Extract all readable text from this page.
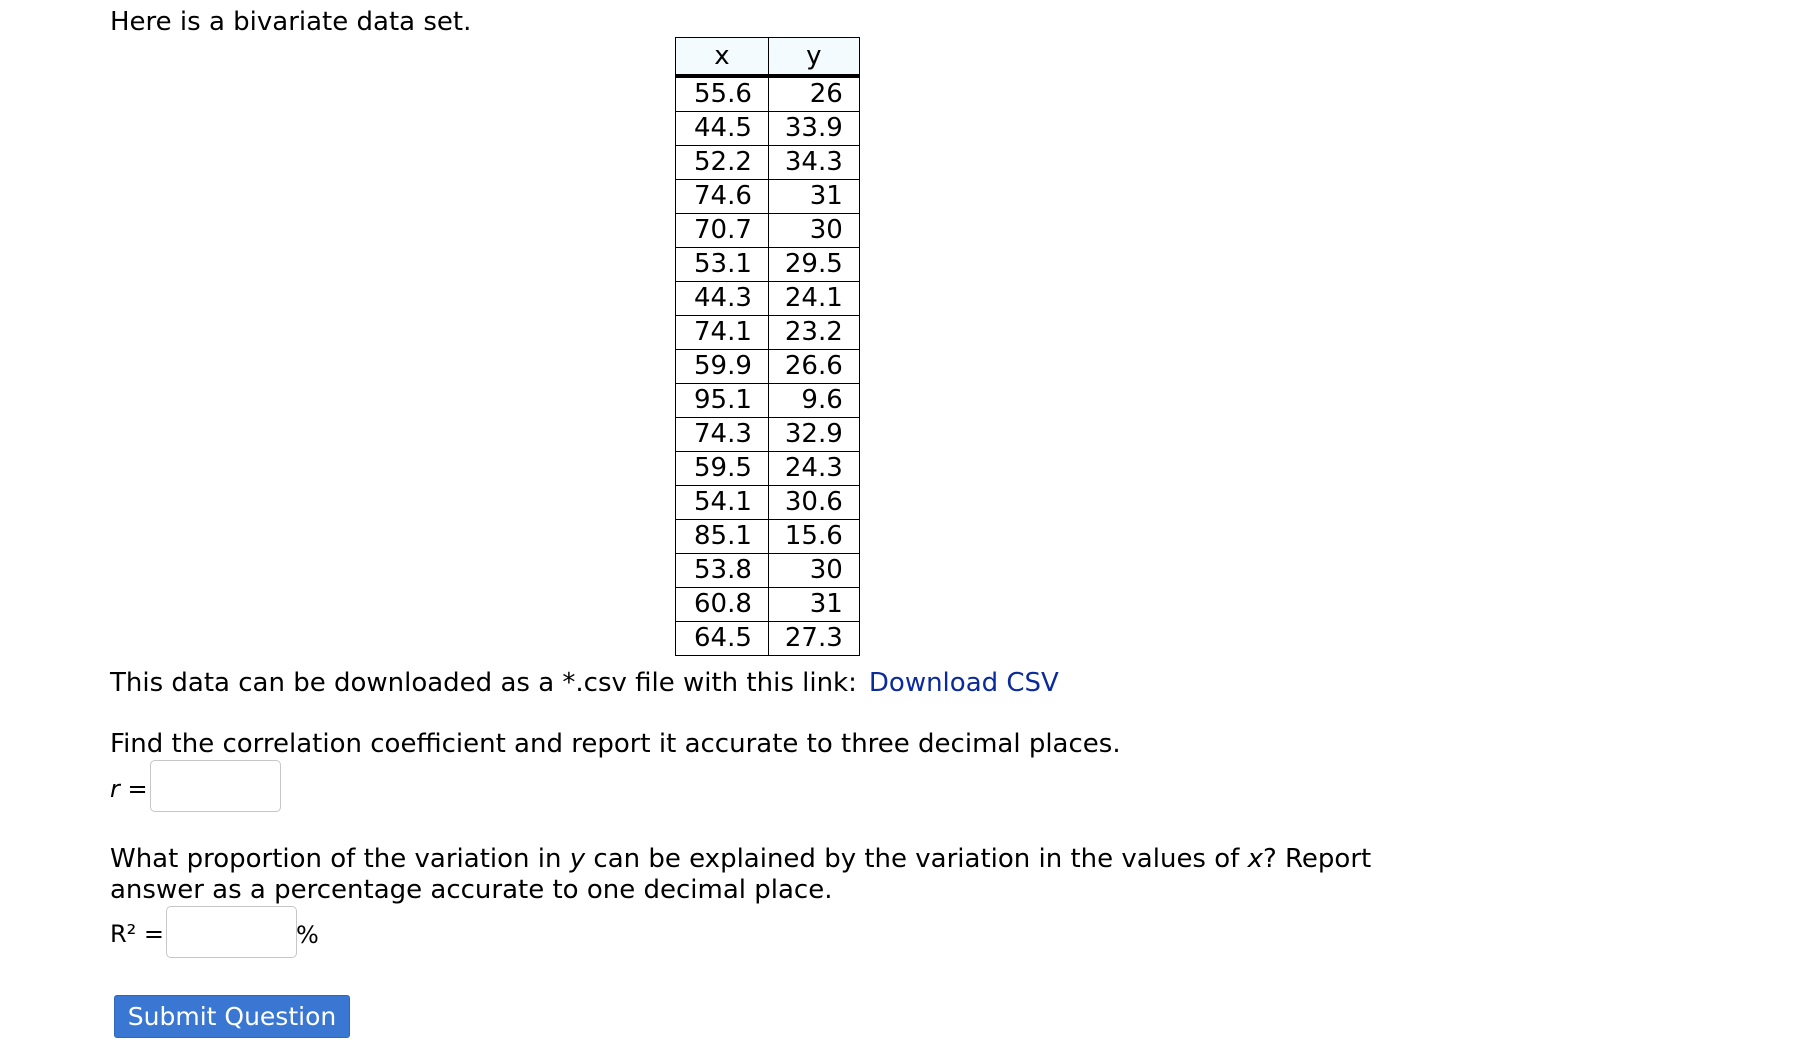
Here is a bivariate data set.
x	y
55.6	26
44.5	33.9
52.2	34.3
74.6	31
70.7	30
53.1	29.5
44.3	24.1
74.1	23.2
59.9	26.6
95.1	9.6
74.3	32.9
59.5	24.3
54.1	30.6
85.1	15.6
53.8	30
60.8	31
64.5	27.3
This data can be downloaded as a *.csv file with this link: Download CSV
Find the correlation coefficient and report it accurate to three decimal places.
r =
What proportion of the variation in y can be explained by the variation in the values of x? Report answer as a percentage accurate to one decimal place.
R² =	%
Submit Question
